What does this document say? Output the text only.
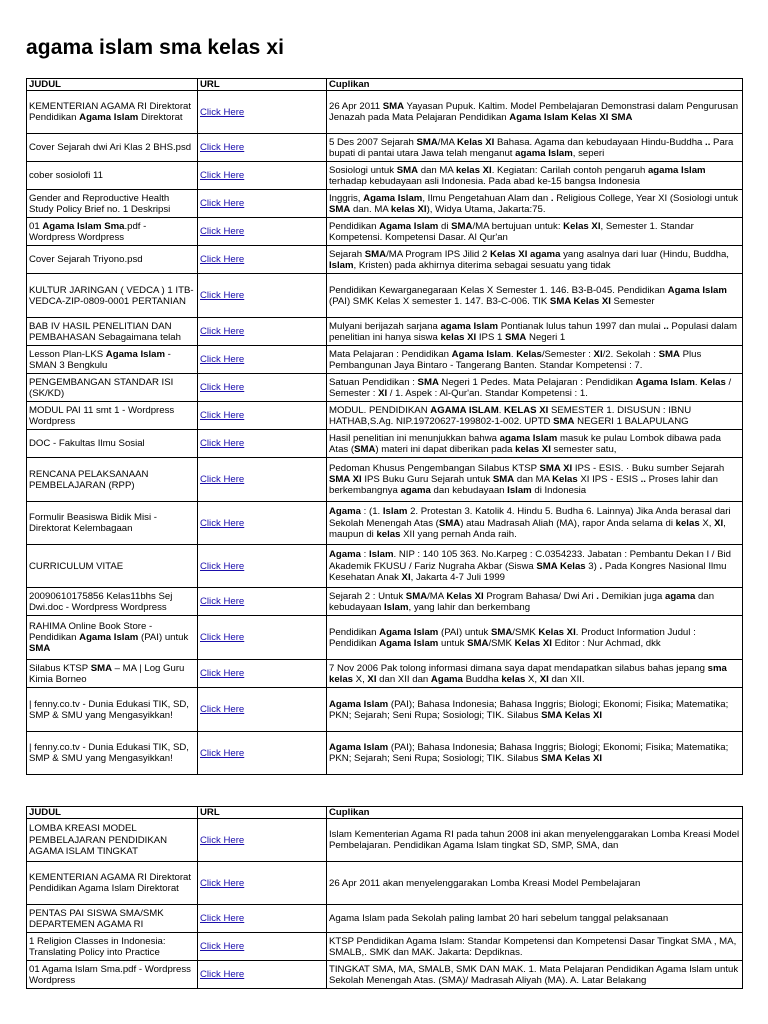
agama islam sma kelas xi
JUDUL	URL	Cuplikan
KEMENTERIAN AGAMA RI Direktorat Pendidikan Agama Islam Direktorat	Click Here	26 Apr 2011 SMA Yayasan Pupuk. Kaltim. Model Pembelajaran Demonstrasi dalam Pengurusan Jenazah pada Mata Pelajaran Pendidikan Agama Islam Kelas XI SMA
Cover Sejarah dwi Ari Klas 2 BHS.psd	Click Here	5 Des 2007 Sejarah SMA/MA Kelas XI Bahasa. Agama dan kebudayaan Hindu-Buddha .. Para bupati di pantai utara Jawa telah menganut agama Islam, seperi
cober sosiolofi 11	Click Here	Sosiologi untuk SMA dan MA kelas XI. Kegiatan: Carilah contoh pengaruh agama Islam terhadap kebudayaan asli Indonesia. Pada abad ke-15 bangsa Indonesia
Gender and Reproductive Health Study Policy Brief no. 1 Deskripsi	Click Here	Inggris, Agama Islam, Ilmu Pengetahuan Alam dan . Religious College, Year XI (Sosiologi untuk SMA dan. MA kelas XI), Widya Utama, Jakarta:75.
01 Agama Islam Sma.pdf - Wordpress Wordpress	Click Here	Pendidikan Agama Islam di SMA/MA bertujuan untuk: Kelas XI, Semester 1. Standar Kompetensi. Kompetensi Dasar. Al Qur'an
Cover Sejarah Triyono.psd	Click Here	Sejarah SMA/MA Program IPS Jilid 2 Kelas XI agama yang asalnya dari luar (Hindu, Buddha, Islam, Kristen) pada akhirnya diterima sebagai sesuatu yang tidak
KULTUR JARINGAN ( VEDCA ) 1 ITB-VEDCA-ZIP-0809-0001 PERTANIAN	Click Here	Pendidikan Kewarganegaraan Kelas X Semester 1. 146. B3-B-045. Pendidikan Agama Islam (PAI) SMK Kelas X semester 1. 147. B3-C-006. TIK SMA Kelas XI Semester
BAB IV HASIL PENELITIAN DAN PEMBAHASAN Sebagaimana telah	Click Here	Mulyani berijazah sarjana agama Islam Pontianak lulus tahun 1997 dan mulai .. Populasi dalam penelitian ini hanya siswa kelas XI IPS 1 SMA Negeri 1
Lesson Plan-LKS Agama Islam - SMAN 3 Bengkulu	Click Here	Mata Pelajaran : Pendidikan Agama Islam. Kelas/Semester : XI/2. Sekolah : SMA Plus Pembangunan Jaya Bintaro - Tangerang Banten. Standar Kompetensi : 7.
PENGEMBANGAN STANDAR ISI (SK/KD)	Click Here	Satuan Pendidikan : SMA Negeri 1 Pedes. Mata Pelajaran : Pendidikan Agama Islam. Kelas / Semester : XI / 1. Aspek : Al-Qur'an. Standar Kompetensi : 1.
MODUL PAI 11 smt 1 - Wordpress Wordpress	Click Here	MODUL. PENDIDIKAN AGAMA ISLAM. KELAS XI SEMESTER 1. DISUSUN : IBNU HATHAB,S.Ag. NIP.19720627-199802-1-002. UPTD SMA NEGERI 1 BALAPULANG
DOC - Fakultas Ilmu Sosial	Click Here	Hasil penelitian ini menunjukkan bahwa agama Islam masuk ke pulau Lombok dibawa pada Atas (SMA) materi ini dapat diberikan pada kelas XI semester satu,
RENCANA PELAKSANAAN PEMBELAJARAN (RPP)	Click Here	Pedoman Khusus Pengembangan Silabus KTSP SMA XI IPS - ESIS. · Buku sumber Sejarah SMA XI IPS Buku Guru Sejarah untuk SMA dan MA Kelas XI IPS - ESIS .. Proses lahir dan berkembangnya agama dan kebudayaan Islam di Indonesia
Formulir Beasiswa Bidik Misi - Direktorat Kelembagaan	Click Here	Agama : (1. Islam 2. Protestan 3. Katolik 4. Hindu 5. Budha 6. Lainnya) Jika Anda berasal dari Sekolah Menengah Atas (SMA) atau Madrasah Aliah (MA), rapor Anda selama di kelas X, XI, maupun di kelas XII yang pernah Anda raih.
CURRICULUM VITAE	Click Here	Agama : Islam. NIP : 140 105 363. No.Karpeg : C.0354233. Jabatan : Pembantu Dekan I / Bid Akademik FKUSU / Fariz Nugraha Akbar (Siswa SMA Kelas 3) . Pada Kongres Nasional Ilmu Kesehatan Anak XI, Jakarta 4-7 Juli 1999
20090610175856 Kelas11bhs Sej Dwi.doc - Wordpress Wordpress	Click Here	Sejarah 2 : Untuk SMA/MA Kelas XI Program Bahasa/ Dwi Ari . Demikian juga agama dan kebudayaan Islam, yang lahir dan berkembang
RAHIMA Online Book Store - Pendidikan Agama Islam (PAI) untuk SMA	Click Here	Pendidikan Agama Islam (PAI) untuk SMA/SMK Kelas XI. Product Information Judul : Pendidikan Agama Islam untuk SMA/SMK Kelas XI Editor : Nur Achmad, dkk
Silabus KTSP SMA – MA | Log Guru Kimia Borneo	Click Here	7 Nov 2006 Pak tolong informasi dimana saya dapat mendapatkan silabus bahas jepang sma kelas X, XI dan XII dan Agama Buddha kelas X, XI dan XII.
| fenny.co.tv - Dunia Edukasi TIK, SD, SMP & SMU yang Mengasyikkan!	Click Here	Agama Islam (PAI); Bahasa Indonesia; Bahasa Inggris; Biologi; Ekonomi; Fisika; Matematika; PKN; Sejarah; Seni Rupa; Sosiologi; TIK. Silabus SMA Kelas XI
| fenny.co.tv - Dunia Edukasi TIK, SD, SMP & SMU yang Mengasyikkan!	Click Here	Agama Islam (PAI); Bahasa Indonesia; Bahasa Inggris; Biologi; Ekonomi; Fisika; Matematika; PKN; Sejarah; Seni Rupa; Sosiologi; TIK. Silabus SMA Kelas XI
JUDUL	URL	Cuplikan
LOMBA KREASI MODEL PEMBELAJARAN PENDIDIKAN AGAMA ISLAM TINGKAT	Click Here	Islam Kementerian Agama RI pada tahun 2008 ini akan menyelenggarakan Lomba Kreasi Model Pembelajaran. Pendidikan Agama Islam tingkat SD, SMP, SMA, dan
KEMENTERIAN AGAMA RI Direktorat Pendidikan Agama Islam Direktorat	Click Here	26 Apr 2011 akan menyelenggarakan Lomba Kreasi Model Pembelajaran
PENTAS PAI SISWA SMA/SMK DEPARTEMEN AGAMA RI	Click Here	Agama Islam pada Sekolah paling lambat 20 hari sebelum tanggal pelaksanaan
1 Religion Classes in Indonesia: Translating Policy into Practice	Click Here	KTSP Pendidikan Agama Islam: Standar Kompetensi dan Kompetensi Dasar Tingkat SMA , MA, SMALB,. SMK dan MAK. Jakarta: Depdiknas.
01 Agama Islam Sma.pdf - Wordpress Wordpress	Click Here	TINGKAT SMA, MA, SMALB, SMK DAN MAK. 1. Mata Pelajaran Pendidikan Agama Islam untuk Sekolah Menengah Atas. (SMA)/ Madrasah Aliyah (MA). A. Latar Belakang
